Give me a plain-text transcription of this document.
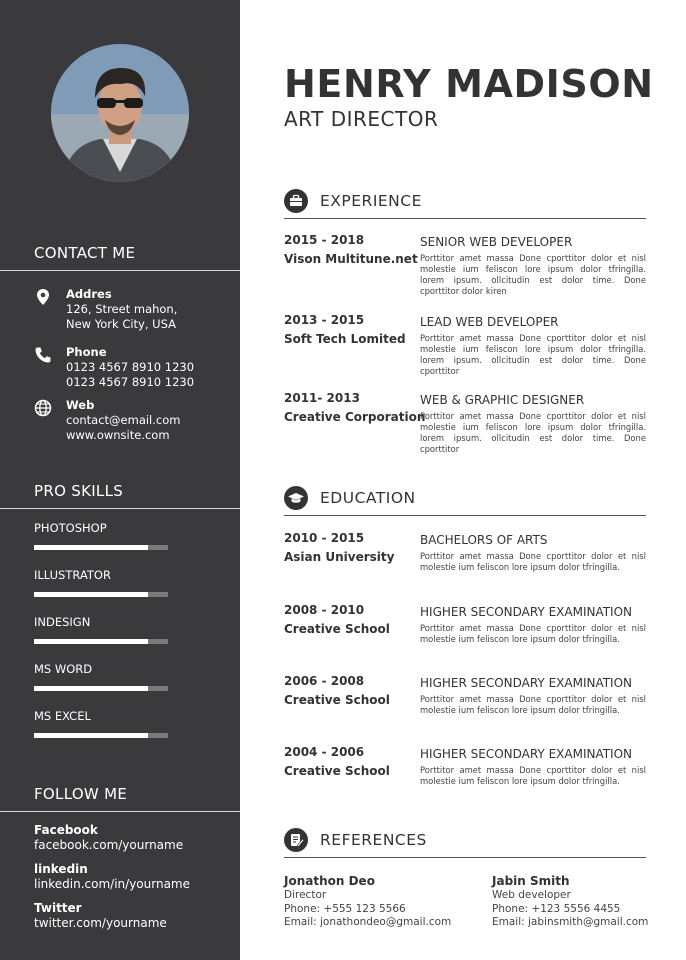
CONTACT ME
Addres
126, Street mahon,
New York City, USA
Phone
0123 4567 8910 1230
0123 4567 8910 1230
Web
contact@email.com
www.ownsite.com
PRO SKILLS
PHOTOSHOP
ILLUSTRATOR
INDESIGN
MS WORD
MS EXCEL
FOLLOW ME
Facebook
facebook.com/yourname
linkedin
linkedin.com/in/yourname
Twitter
twitter.com/yourname
HENRY MADISON
ART DIRECTOR
EXPERIENCE
2015 - 2018
Vison Multitune.net
SENIOR WEB DEVELOPER
Porttitor amet massa Done cporttitor dolor et nisl molestie ium feliscon lore ipsum dolor tfringilla. lorem ipsum. ollcitudin est dolor time. Done cporttitor dolor kiren
2013 - 2015
Soft Tech Lomited
LEAD WEB DEVELOPER
Porttitor amet massa Done cporttitor dolor et nisl molestie ium feliscon lore ipsum dolor tfringilla. lorem ipsum. ollcitudin est dolor time. Done cporttitor
2011- 2013
Creative Corporation
WEB & GRAPHIC DESIGNER
Porttitor amet massa Done cporttitor dolor et nisl molestie ium feliscon lore ipsum dolor tfringilla. lorem ipsum. ollcitudin est dolor time. Done cporttitor
EDUCATION
2010 - 2015
Asian University
BACHELORS OF ARTS
Porttitor amet massa Done cporttitor dolor et nisl molestie ium feliscon lore ipsum dolor tfringilla.
2008 - 2010
Creative School
HIGHER SECONDARY EXAMINATION
Porttitor amet massa Done cporttitor dolor et nisl molestie ium feliscon lore ipsum dolor tfringilla.
2006 - 2008
Creative School
HIGHER SECONDARY EXAMINATION
Porttitor amet massa Done cporttitor dolor et nisl molestie ium feliscon lore ipsum dolor tfringilla.
2004 - 2006
Creative School
HIGHER SECONDARY EXAMINATION
Porttitor amet massa Done cporttitor dolor et nisl molestie ium feliscon lore ipsum dolor tfringilla.
REFERENCES
Jonathon Deo
Director
Phone: +555 123 5566
Email: jonathondeo@gmail.com
Jabin Smith
Web developer
Phone: +123 5556 4455
Email: jabinsmith@gmail.com
